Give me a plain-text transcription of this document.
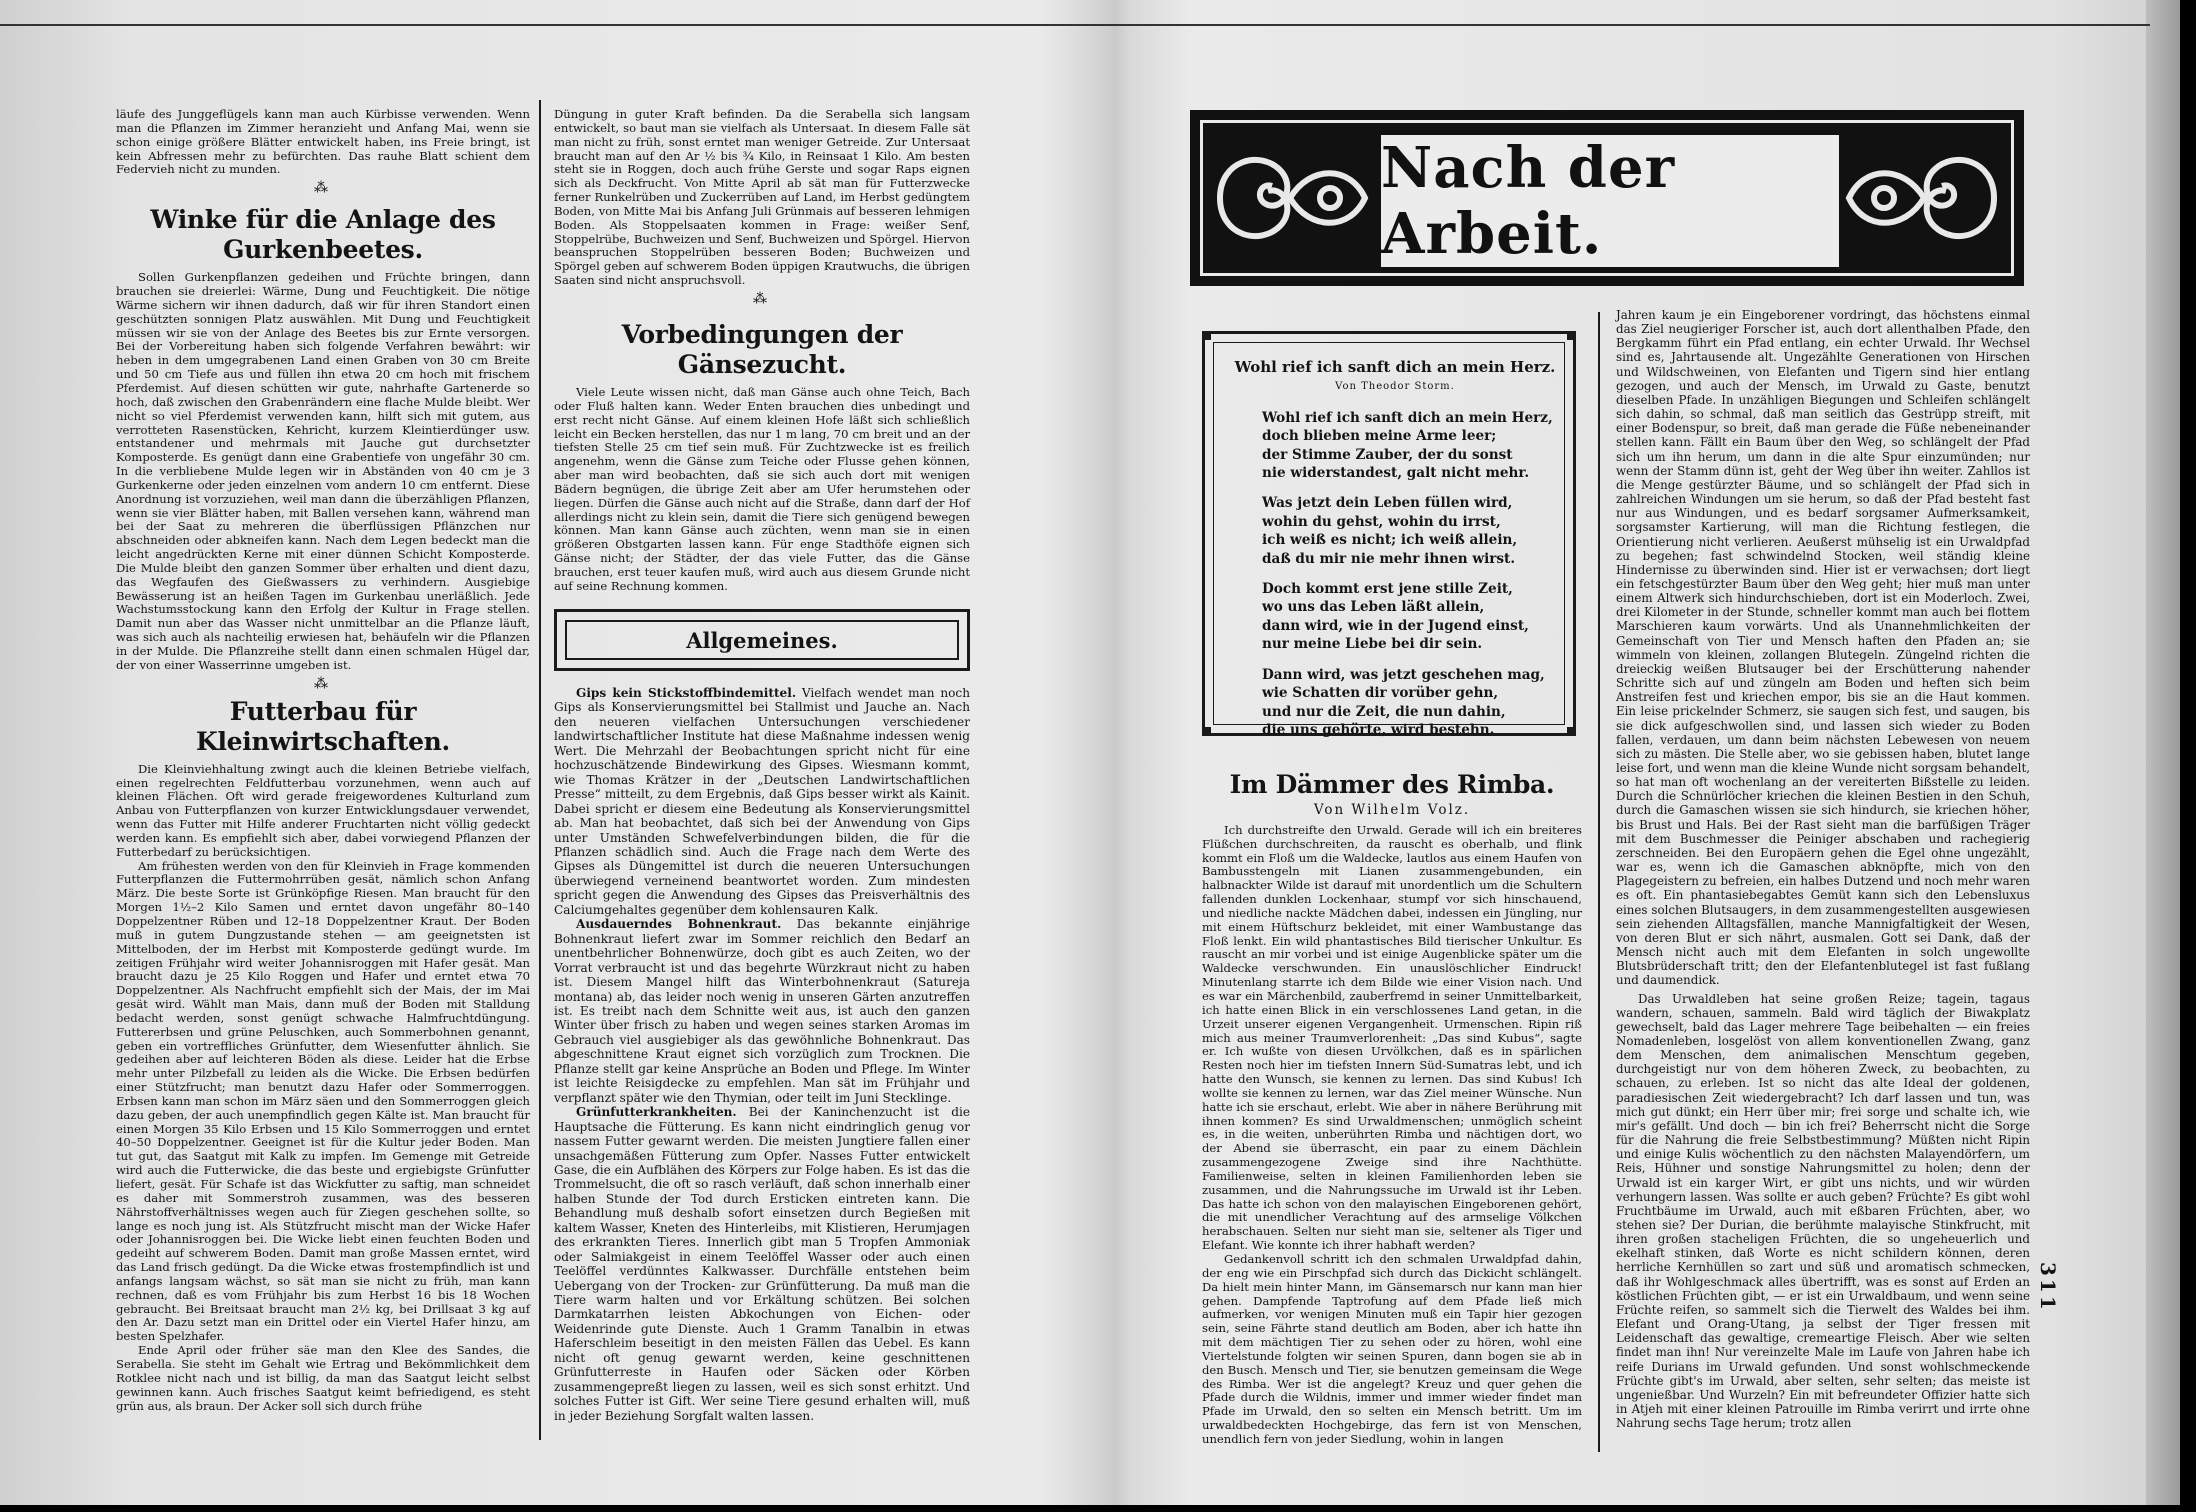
läufe des Junggeflügels kann man auch Kürbisse verwenden. Wenn man die Pflanzen im Zimmer heranzieht und Anfang Mai, wenn sie schon einige größere Blätter entwickelt haben, ins Freie bringt, ist kein Abfressen mehr zu befürchten. Das rauhe Blatt schient dem Federvieh nicht zu munden.

⁂
Winke für die Anlage des Gurkenbeetes.

Sollen Gurkenpflanzen gedeihen und Früchte bringen, dann brauchen sie dreierlei: Wärme, Dung und Feuchtigkeit. Die nötige Wärme sichern wir ihnen dadurch, daß wir für ihren Standort einen geschützten sonnigen Platz auswählen. Mit Dung und Feuchtigkeit müssen wir sie von der Anlage des Beetes bis zur Ernte versorgen. Bei der Vorbereitung haben sich folgende Verfahren bewährt: wir heben in dem umgegrabenen Land einen Graben von 30 cm Breite und 50 cm Tiefe aus und füllen ihn etwa 20 cm hoch mit frischem Pferdemist. Auf diesen schütten wir gute, nahrhafte Gartenerde so hoch, daß zwischen den Grabenrändern eine flache Mulde bleibt. Wer nicht so viel Pferdemist verwenden kann, hilft sich mit gutem, aus verrotteten Rasenstücken, Kehricht, kurzem Kleintierdünger usw. entstandener und mehrmals mit Jauche gut durchsetzter Komposterde. Es genügt dann eine Grabentiefe von ungefähr 30 cm. In die verbliebene Mulde legen wir in Abständen von 40 cm je 3 Gurkenkerne oder jeden einzelnen vom andern 10 cm entfernt. Diese Anordnung ist vorzuziehen, weil man dann die überzähligen Pflanzen, wenn sie vier Blätter haben, mit Ballen versehen kann, während man bei der Saat zu mehreren die überflüssigen Pflänzchen nur abschneiden oder abkneifen kann. Nach dem Legen bedeckt man die leicht angedrückten Kerne mit einer dünnen Schicht Komposterde. Die Mulde bleibt den ganzen Sommer über erhalten und dient dazu, das Wegfaufen des Gießwassers zu verhindern. Ausgiebige Bewässerung ist an heißen Tagen im Gurkenbau unerläßlich. Jede Wachstumsstockung kann den Erfolg der Kultur in Frage stellen. Damit nun aber das Wasser nicht unmittelbar an die Pflanze läuft, was sich auch als nachteilig erwiesen hat, behäufeln wir die Pflanzen in der Mulde. Die Pflanzreihe stellt dann einen schmalen Hügel dar, der von einer Wasserrinne umgeben ist.

⁂
Futterbau für Kleinwirtschaften.

Die Kleinviehhaltung zwingt auch die kleinen Betriebe vielfach, einen regelrechten Feldfutterbau vorzunehmen, wenn auch auf kleinen Flächen. Oft wird gerade freigewordenes Kulturland zum Anbau von Futterpflanzen von kurzer Entwicklungsdauer verwendet, wenn das Futter mit Hilfe anderer Fruchtarten nicht völlig gedeckt werden kann. Es empfiehlt sich aber, dabei vorwiegend Pflanzen der Futterbedarf zu berücksichtigen.

Am frühesten werden von den für Kleinvieh in Frage kommenden Futterpflanzen die Futtermohrrüben gesät, nämlich schon Anfang März. Die beste Sorte ist Grünköpfige Riesen. Man braucht für den Morgen 1½–2 Kilo Samen und erntet davon ungefähr 80–140 Doppelzentner Rüben und 12–18 Doppelzentner Kraut. Der Boden muß in gutem Dungzustande stehen — am geeignetsten ist Mittelboden, der im Herbst mit Komposterde gedüngt wurde. Im zeitigen Frühjahr wird weiter Johannisroggen mit Hafer gesät. Man braucht dazu je 25 Kilo Roggen und Hafer und erntet etwa 70 Doppelzentner. Als Nachfrucht empfiehlt sich der Mais, der im Mai gesät wird. Wählt man Mais, dann muß der Boden mit Stalldung bedacht werden, sonst genügt schwache Halmfruchtdüngung. Futtererbsen und grüne Peluschken, auch Sommerbohnen genannt, geben ein vortreffliches Grünfutter, dem Wiesenfutter ähnlich. Sie gedeihen aber auf leichteren Böden als diese. Leider hat die Erbse mehr unter Pilzbefall zu leiden als die Wicke. Die Erbsen bedürfen einer Stützfrucht; man benutzt dazu Hafer oder Sommerroggen. Erbsen kann man schon im März säen und den Sommerroggen gleich dazu geben, der auch unempfindlich gegen Kälte ist. Man braucht für einen Morgen 35 Kilo Erbsen und 15 Kilo Sommerroggen und erntet 40–50 Doppelzentner. Geeignet ist für die Kultur jeder Boden. Man tut gut, das Saatgut mit Kalk zu impfen. Im Gemenge mit Getreide wird auch die Futterwicke, die das beste und ergiebigste Grünfutter liefert, gesät. Für Schafe ist das Wickfutter zu saftig, man schneidet es daher mit Sommerstroh zusammen, was des besseren Nährstoffverhältnisses wegen auch für Ziegen geschehen sollte, so lange es noch jung ist. Als Stützfrucht mischt man der Wicke Hafer oder Johannisroggen bei. Die Wicke liebt einen feuchten Boden und gedeiht auf schwerem Boden. Damit man große Massen erntet, wird das Land frisch gedüngt. Da die Wicke etwas frostempfindlich ist und anfangs langsam wächst, so sät man sie nicht zu früh, man kann rechnen, daß es vom Frühjahr bis zum Herbst 16 bis 18 Wochen gebraucht. Bei Breitsaat braucht man 2½ kg, bei Drillsaat 3 kg auf den Ar. Dazu setzt man ein Drittel oder ein Viertel Hafer hinzu, am besten Spelzhafer.

Ende April oder früher säe man den Klee des Sandes, die Serabella. Sie steht im Gehalt wie Ertrag und Bekömmlichkeit dem Rotklee nicht nach und ist billig, da man das Saatgut leicht selbst gewinnen kann. Auch frisches Saatgut keimt befriedigend, es steht grün aus, als braun. Der Acker soll sich durch frühe

Düngung in guter Kraft befinden. Da die Serabella sich langsam entwickelt, so baut man sie vielfach als Untersaat. In diesem Falle sät man nicht zu früh, sonst erntet man weniger Getreide. Zur Untersaat braucht man auf den Ar ½ bis ¾ Kilo, in Reinsaat 1 Kilo. Am besten steht sie in Roggen, doch auch frühe Gerste und sogar Raps eignen sich als Deckfrucht. Von Mitte April ab sät man für Futterzwecke ferner Runkelrüben und Zuckerrüben auf Land, im Herbst gedüngtem Boden, von Mitte Mai bis Anfang Juli Grünmais auf besseren lehmigen Boden. Als Stoppelsaaten kommen in Frage: weißer Senf, Stoppelrübe, Buchweizen und Senf, Buchweizen und Spörgel. Hiervon beanspruchen Stoppelrüben besseren Boden; Buchweizen und Spörgel geben auf schwerem Boden üppigen Krautwuchs, die übrigen Saaten sind nicht anspruchsvoll.

⁂
Vorbedingungen der Gänsezucht.

Viele Leute wissen nicht, daß man Gänse auch ohne Teich, Bach oder Fluß halten kann. Weder Enten brauchen dies unbedingt und erst recht nicht Gänse. Auf einem kleinen Hofe läßt sich schließlich leicht ein Becken herstellen, das nur 1 m lang, 70 cm breit und an der tiefsten Stelle 25 cm tief sein muß. Für Zuchtzwecke ist es freilich angenehm, wenn die Gänse zum Teiche oder Flusse gehen können, aber man wird beobachten, daß sie sich auch dort mit wenigen Bädern begnügen, die übrige Zeit aber am Ufer herumstehen oder liegen. Dürfen die Gänse auch nicht auf die Straße, dann darf der Hof allerdings nicht zu klein sein, damit die Tiere sich genügend bewegen können. Man kann Gänse auch züchten, wenn man sie in einen größeren Obstgarten lassen kann. Für enge Stadthöfe eignen sich Gänse nicht; der Städter, der das viele Futter, das die Gänse brauchen, erst teuer kaufen muß, wird auch aus diesem Grunde nicht auf seine Rechnung kommen.

Allgemeines.

Gips kein Stickstoffbindemittel. Vielfach wendet man noch Gips als Konservierungsmittel bei Stallmist und Jauche an. Nach den neueren vielfachen Untersuchungen verschiedener landwirtschaftlicher Institute hat diese Maßnahme indessen wenig Wert. Die Mehrzahl der Beobachtungen spricht nicht für eine hochzuschätzende Bindewirkung des Gipses. Wiesmann kommt, wie Thomas Krätzer in der „Deutschen Landwirtschaftlichen Presse“ mitteilt, zu dem Ergebnis, daß Gips besser wirkt als Kainit. Dabei spricht er diesem eine Bedeutung als Konservierungsmittel ab. Man hat beobachtet, daß sich bei der Anwendung von Gips unter Umständen Schwefelverbindungen bilden, die für die Pflanzen schädlich sind. Auch die Frage nach dem Werte des Gipses als Düngemittel ist durch die neueren Untersuchungen überwiegend verneinend beantwortet worden. Zum mindesten spricht gegen die Anwendung des Gipses das Preisverhältnis des Calciumgehaltes gegenüber dem kohlensauren Kalk.

Ausdauerndes Bohnenkraut. Das bekannte einjährige Bohnenkraut liefert zwar im Sommer reichlich den Bedarf an unentbehrlicher Bohnenwürze, doch gibt es auch Zeiten, wo der Vorrat verbraucht ist und das begehrte Würzkraut nicht zu haben ist. Diesem Mangel hilft das Winterbohnenkraut (Satureja montana) ab, das leider noch wenig in unseren Gärten anzutreffen ist. Es treibt nach dem Schnitte weit aus, ist auch den ganzen Winter über frisch zu haben und wegen seines starken Aromas im Gebrauch viel ausgiebiger als das gewöhnliche Bohnenkraut. Das abgeschnittene Kraut eignet sich vorzüglich zum Trocknen. Die Pflanze stellt gar keine Ansprüche an Boden und Pflege. Im Winter ist leichte Reisigdecke zu empfehlen. Man sät im Frühjahr und verpflanzt später wie den Thymian, oder teilt im Juni Stecklinge.

Grünfutterkrankheiten. Bei der Kaninchenzucht ist die Hauptsache die Fütterung. Es kann nicht eindringlich genug vor nassem Futter gewarnt werden. Die meisten Jungtiere fallen einer unsachgemäßen Fütterung zum Opfer. Nasses Futter entwickelt Gase, die ein Aufblähen des Körpers zur Folge haben. Es ist das die Trommelsucht, die oft so rasch verläuft, daß schon innerhalb einer halben Stunde der Tod durch Ersticken eintreten kann. Die Behandlung muß deshalb sofort einsetzen durch Begießen mit kaltem Wasser, Kneten des Hinterleibs, mit Klistieren, Herumjagen des erkrankten Tieres. Innerlich gibt man 5 Tropfen Ammoniak oder Salmiakgeist in einem Teelöffel Wasser oder auch einen Teelöffel verdünntes Kalkwasser. Durchfälle entstehen beim Uebergang von der Trocken- zur Grünfütterung. Da muß man die Tiere warm halten und vor Erkältung schützen. Bei solchen Darmkatarrhen leisten Abkochungen von Eichen- oder Weidenrinde gute Dienste. Auch 1 Gramm Tanalbin in etwas Haferschleim beseitigt in den meisten Fällen das Uebel. Es kann nicht oft genug gewarnt werden, keine geschnittenen Grünfutterreste in Haufen oder Säcken oder Körben zusammengepreßt liegen zu lassen, weil es sich sonst erhitzt. Und solches Futter ist Gift. Wer seine Tiere gesund erhalten will, muß in jeder Beziehung Sorgfalt walten lassen.

Nach der Arbeit.
Wohl rief ich sanft dich an mein Herz.
Von Theodor Storm.
Wohl rief ich sanft dich an mein Herz,
doch blieben meine Arme leer;
der Stimme Zauber, der du sonst
nie widerstandest, galt nicht mehr.
Was jetzt dein Leben füllen wird,
wohin du gehst, wohin du irrst,
ich weiß es nicht; ich weiß allein,
daß du mir nie mehr ihnen wirst.
Doch kommt erst jene stille Zeit,
wo uns das Leben läßt allein,
dann wird, wie in der Jugend einst,
nur meine Liebe bei dir sein.
Dann wird, was jetzt geschehen mag,
wie Schatten dir vorüber gehn,
und nur die Zeit, die nun dahin,
die uns gehörte, wird bestehn.
Im Dämmer des Rimba.
Von Wilhelm Volz.

Ich durchstreifte den Urwald. Gerade will ich ein breiteres Flüßchen durchschreiten, da rauscht es oberhalb, und flink kommt ein Floß um die Waldecke, lautlos aus einem Haufen von Bambusstengeln mit Lianen zusammengebunden, ein halbnackter Wilde ist darauf mit unordentlich um die Schultern fallenden dunklen Lockenhaar, stumpf vor sich hinschauend, und niedliche nackte Mädchen dabei, indessen ein Jüngling, nur mit einem Hüftschurz bekleidet, mit einer Wambustange das Floß lenkt. Ein wild phantastisches Bild tierischer Unkultur. Es rauscht an mir vorbei und ist einige Augenblicke später um die Waldecke verschwunden. Ein unauslöschlicher Eindruck! Minutenlang starrte ich dem Bilde wie einer Vision nach. Und es war ein Märchenbild, zauberfremd in seiner Unmittelbarkeit, ich hatte einen Blick in ein verschlossenes Land getan, in die Urzeit unserer eigenen Vergangenheit. Urmenschen. Ripin riß mich aus meiner Traumverlorenheit: „Das sind Kubus“, sagte er. Ich wußte von diesen Urvölkchen, daß es in spärlichen Resten noch hier im tiefsten Innern Süd-Sumatras lebt, und ich hatte den Wunsch, sie kennen zu lernen. Das sind Kubus! Ich wollte sie kennen zu lernen, war das Ziel meiner Wünsche. Nun hatte ich sie erschaut, erlebt. Wie aber in nähere Berührung mit ihnen kommen? Es sind Urwaldmenschen; unmöglich scheint es, in die weiten, unberührten Rimba und nächtigen dort, wo der Abend sie überrascht, ein paar zu einem Dächlein zusammengezogene Zweige sind ihre Nachthütte. Familienweise, selten in kleinen Familienhorden leben sie zusammen, und die Nahrungssuche im Urwald ist ihr Leben. Das hatte ich schon von den malayischen Eingeborenen gehört, die mit unendlicher Verachtung auf des armselige Völkchen herabschauen. Selten nur sieht man sie, seltener als Tiger und Elefant. Wie konnte ich ihrer habhaft werden?

Gedankenvoll schritt ich den schmalen Urwaldpfad dahin, der eng wie ein Pirschpfad sich durch das Dickicht schlängelt. Da hielt mein hinter Mann, im Gänsemarsch nur kann man hier gehen. Dampfende Taptrofung auf dem Pfade ließ mich aufmerken, vor wenigen Minuten muß ein Tapir hier gezogen sein, seine Fährte stand deutlich am Boden, aber ich hatte ihn mit dem mächtigen Tier zu sehen oder zu hören, wohl eine Viertelstunde folgten wir seinen Spuren, dann bogen sie ab in den Busch. Mensch und Tier, sie benutzen gemeinsam die Wege des Rimba. Wer ist die angelegt? Kreuz und quer gehen die Pfade durch die Wildnis, immer und immer wieder findet man Pfade im Urwald, den so selten ein Mensch betritt. Um im urwaldbedeckten Hochgebirge, das fern ist von Menschen, unendlich fern von jeder Siedlung, wohin in langen

Jahren kaum je ein Eingeborener vordringt, das höchstens einmal das Ziel neugieriger Forscher ist, auch dort allenthalben Pfade, den Bergkamm führt ein Pfad entlang, ein echter Urwald. Ihr Wechsel sind es, Jahrtausende alt. Ungezählte Generationen von Hirschen und Wildschweinen, von Elefanten und Tigern sind hier entlang gezogen, und auch der Mensch, im Urwald zu Gaste, benutzt dieselben Pfade. In unzähligen Biegungen und Schleifen schlängelt sich dahin, so schmal, daß man seitlich das Gestrüpp streift, mit einer Bodenspur, so breit, daß man gerade die Füße nebeneinander stellen kann. Fällt ein Baum über den Weg, so schlängelt der Pfad sich um ihn herum, um dann in die alte Spur einzumünden; nur wenn der Stamm dünn ist, geht der Weg über ihn weiter. Zahllos ist die Menge gestürzter Bäume, und so schlängelt der Pfad sich in zahlreichen Windungen um sie herum, so daß der Pfad besteht fast nur aus Windungen, und es bedarf sorgsamer Aufmerksamkeit, sorgsamster Kartierung, will man die Richtung festlegen, die Orientierung nicht verlieren. Aeußerst mühselig ist ein Urwaldpfad zu begehen; fast schwindelnd Stocken, weil ständig kleine Hindernisse zu überwinden sind. Hier ist er verwachsen; dort liegt ein fetschgestürzter Baum über den Weg geht; hier muß man unter einem Altwerk sich hindurchschieben, dort ist ein Moderloch. Zwei, drei Kilometer in der Stunde, schneller kommt man auch bei flottem Marschieren kaum vorwärts. Und als Unannehmlichkeiten der Gemeinschaft von Tier und Mensch haften den Pfaden an; sie wimmeln von kleinen, zollangen Blutegeln. Züngelnd richten die dreieckig weißen Blutsauger bei der Erschütterung nahender Schritte sich auf und züngeln am Boden und heften sich beim Anstreifen fest und kriechen empor, bis sie an die Haut kommen. Ein leise prickelnder Schmerz, sie saugen sich fest, und saugen, bis sie dick aufgeschwollen sind, und lassen sich wieder zu Boden fallen, verdauen, um dann beim nächsten Lebewesen von neuem sich zu mästen. Die Stelle aber, wo sie gebissen haben, blutet lange leise fort, und wenn man die kleine Wunde nicht sorgsam behandelt, so hat man oft wochenlang an der vereiterten Bißstelle zu leiden. Durch die Schnürlöcher kriechen die kleinen Bestien in den Schuh, durch die Gamaschen wissen sie sich hindurch, sie kriechen höher, bis Brust und Hals. Bei der Rast sieht man die barfüßigen Träger mit dem Buschmesser die Peiniger abschaben und rachegierig zerschneiden. Bei den Europäern gehen die Egel ohne ungezählt, war es, wenn ich die Gamaschen abknöpfte, mich von den Plagegeistern zu befreien, ein halbes Dutzend und noch mehr waren es oft. Ein phantasiebegabtes Gemüt kann sich den Lebensluxus eines solchen Blutsaugers, in dem zusammengestellten ausgewiesen sein ziehenden Alltagsfällen, manche Mannigfaltigkeit der Wesen, von deren Blut er sich nährt, ausmalen. Gott sei Dank, daß der Mensch nicht auch mit dem Elefanten in solch ungewollte Blutsbrüderschaft tritt; den der Elefantenblutegel ist fast fußlang und daumendick.

Das Urwaldleben hat seine großen Reize; tagein, tagaus wandern, schauen, sammeln. Bald wird täglich der Biwakplatz gewechselt, bald das Lager mehrere Tage beibehalten — ein freies Nomadenleben, losgelöst von allem konventionellen Zwang, ganz dem Menschen, dem animalischen Menschtum gegeben, durchgeistigt nur von dem höheren Zweck, zu beobachten, zu schauen, zu erleben. Ist so nicht das alte Ideal der goldenen, paradiesischen Zeit wiedergebracht? Ich darf lassen und tun, was mich gut dünkt; ein Herr über mir; frei sorge und schalte ich, wie mir's gefällt. Und doch — bin ich frei? Beherrscht nicht die Sorge für die Nahrung die freie Selbstbestimmung? Müßten nicht Ripin und einige Kulis wöchentlich zu den nächsten Malayendörfern, um Reis, Hühner und sonstige Nahrungsmittel zu holen; denn der Urwald ist ein karger Wirt, er gibt uns nichts, und wir würden verhungern lassen. Was sollte er auch geben? Früchte? Es gibt wohl Fruchtbäume im Urwald, auch mit eßbaren Früchten, aber, wo stehen sie? Der Durian, die berühmte malayische Stinkfrucht, mit ihren großen stacheligen Früchten, die so ungeheuerlich und ekelhaft stinken, daß Worte es nicht schildern können, deren herrliche Kernhüllen so zart und süß und aromatisch schmecken, daß ihr Wohlgeschmack alles übertrifft, was es sonst auf Erden an köstlichen Früchten gibt, — er ist ein Urwaldbaum, und wenn seine Früchte reifen, so sammelt sich die Tierwelt des Waldes bei ihm. Elefant und Orang-Utang, ja selbst der Tiger fressen mit Leidenschaft das gewaltige, cremeartige Fleisch. Aber wie selten findet man ihn! Nur vereinzelte Male im Laufe von Jahren habe ich reife Durians im Urwald gefunden. Und sonst wohlschmeckende Früchte gibt's im Urwald, aber selten, sehr selten; das meiste ist ungenießbar. Und Wurzeln? Ein mit befreundeter Offizier hatte sich in Atjeh mit einer kleinen Patrouille im Rimba verirrt und irrte ohne Nahrung sechs Tage herum; trotz allen

311
